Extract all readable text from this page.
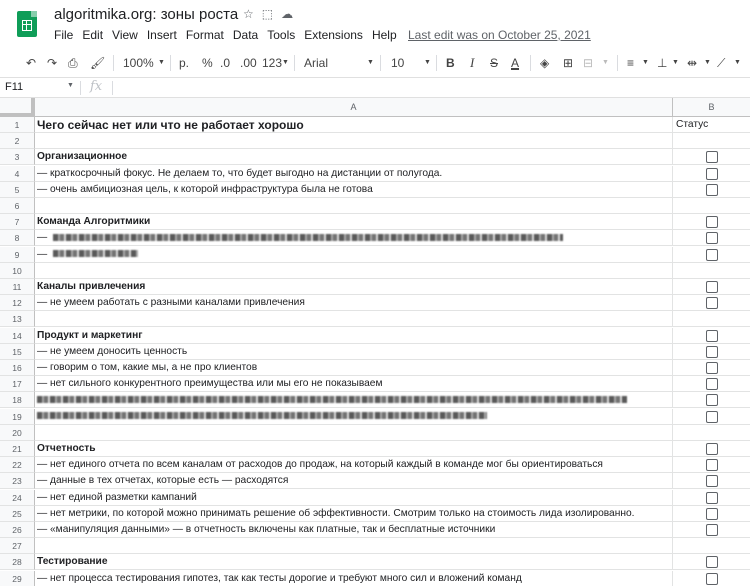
algoritmika.org: зоны роста ☆ ⬚ ☁
File Edit View Insert Format Data Tools Extensions Help Last edit was on October 25, 2021
↶ ↷ ⎙ 🖌 100% ▼ р. % .0 .00 123 ▼ Arial	▼ 10	▼ B I S A ◈ ⊞ ⊟ ▼ ≡ ▼ ⊥ ▼ ⇹ ▼ ⟋ ▼
F11	▼ fx
A	B
1	Чего сейчас нет или что не работает хорошо	Статус
2
3	Организационное
4	— краткосрочный фокус. Не делаем то, что будет выгодно на дистанции от полугода.
5	— очень амбициозная цель, к которой инфраструктура была не готова
6
7	Команда Алгоритмики
8	—
9	—
10
11	Каналы привлечения
12	— не умеем работать с разными каналами привлечения
13
14	Продукт и маркетинг
15	— не умеем доносить ценность
16	— говорим о том, какие мы, а не про клиентов
17	— нет сильного конкурентного преимущества или мы его не показываем
18
19
20
21	Отчетность
22	— нет единого отчета по всем каналам от расходов до продаж, на который каждый в команде мог бы ориентироваться
23	— данные в тех отчетах, которые есть — расходятся
24	— нет единой разметки кампаний
25	— нет метрики, по которой можно принимать решение об эффективности. Смотрим только на стоимость лида изолированно.
26	— «манипуляция данными» — в отчетность включены как платные, так и бесплатные источники
27
28	Тестирование
29	— нет процесса тестирования гипотез, так как тесты дорогие и требуют много сил и вложений команд
